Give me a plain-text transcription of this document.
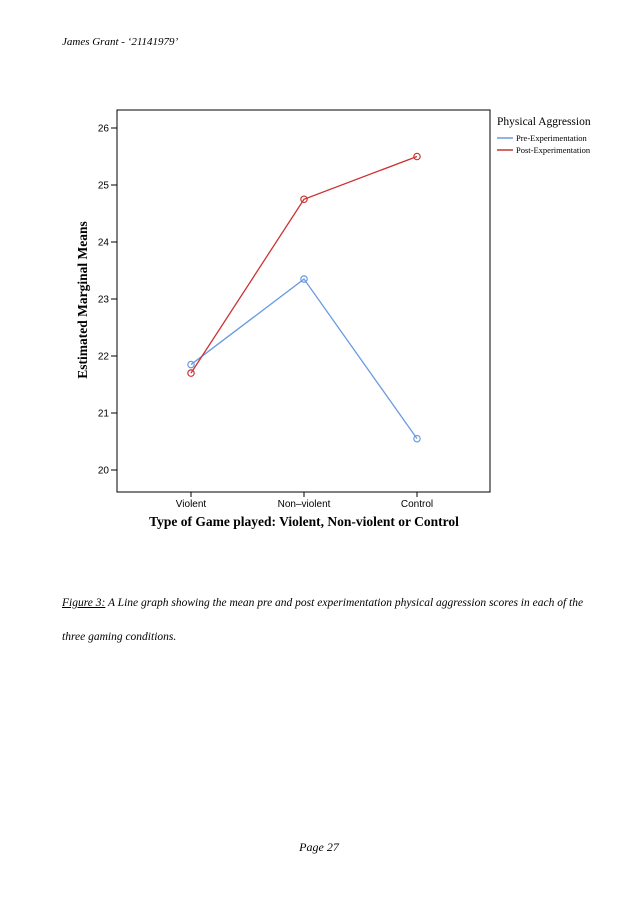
James Grant - ‘21141979’
20
21
22
23
24
25
26
Violent	Non–violent	Control
Estimated Marginal Means
Type of Game played: Violent, Non-violent or Control
Physical Aggression
Pre-Experimentation
Post-Experimentation
Figure 3: A Line graph showing the mean pre and post experimentation physical aggression scores in each of the three gaming conditions.
Page 27
